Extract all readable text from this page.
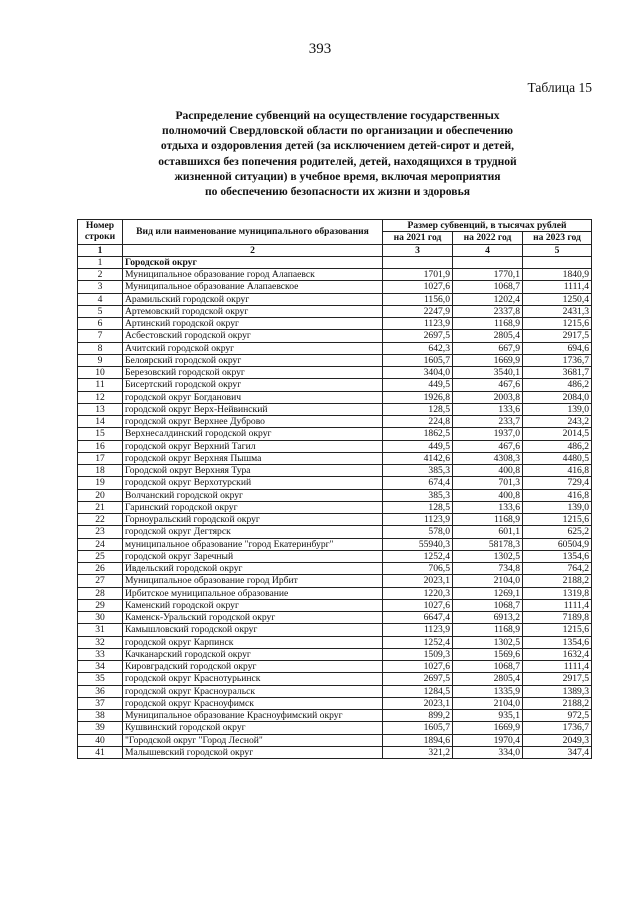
393
Таблица 15
Распределение субвенций на осуществление государственных
полномочий Свердловской области по организации и обеспечению
отдыха и оздоровления детей (за исключением детей-сирот и детей,
оставшихся без попечения родителей, детей, находящихся в трудной
жизненной ситуации) в учебное время, включая мероприятия
по обеспечению безопасности их жизни и здоровья
Номер строки	Вид или наименование муниципального образования	Размер субвенций, в тысячах рублей		
		на 2021 год	на 2022 год	на 2023 год
1	2	3	4	5
1	Городской округ			
2	Муниципальное образование город Алапаевск	1701,9	1770,1	1840,9
3	Муниципальное образование Алапаевское	1027,6	1068,7	1111,4
4	Арамильский городской округ	1156,0	1202,4	1250,4
5	Артемовский городской округ	2247,9	2337,8	2431,3
6	Артинский городской округ	1123,9	1168,9	1215,6
7	Асбестовский городской округ	2697,5	2805,4	2917,5
8	Ачитский городской округ	642,3	667,9	694,6
9	Белоярский городской округ	1605,7	1669,9	1736,7
10	Березовский городской округ	3404,0	3540,1	3681,7
11	Бисертский городской округ	449,5	467,6	486,2
12	городской округ Богданович	1926,8	2003,8	2084,0
13	городской округ Верх-Нейвинский	128,5	133,6	139,0
14	городской округ Верхнее Дуброво	224,8	233,7	243,2
15	Верхнесалдинский городской округ	1862,5	1937,0	2014,5
16	городской округ Верхний Тагил	449,5	467,6	486,2
17	городской округ Верхняя Пышма	4142,6	4308,3	4480,5
18	Городской округ Верхняя Тура	385,3	400,8	416,8
19	городской округ Верхотурский	674,4	701,3	729,4
20	Волчанский городской округ	385,3	400,8	416,8
21	Гаринский городской округ	128,5	133,6	139,0
22	Горноуральский городской округ	1123,9	1168,9	1215,6
23	городской округ Дегтярск	578,0	601,1	625,2
24	муниципальное образование "город Екатеринбург"	55940,3	58178,3	60504,9
25	городской округ Заречный	1252,4	1302,5	1354,6
26	Ивдельский городской округ	706,5	734,8	764,2
27	Муниципальное образование город Ирбит	2023,1	2104,0	2188,2
28	Ирбитское муниципальное образование	1220,3	1269,1	1319,8
29	Каменский городской округ	1027,6	1068,7	1111,4
30	Каменск-Уральский городской округ	6647,4	6913,2	7189,8
31	Камышловский городской округ	1123,9	1168,9	1215,6
32	городской округ Карпинск	1252,4	1302,5	1354,6
33	Качканарский городской округ	1509,3	1569,6	1632,4
34	Кировградский городской округ	1027,6	1068,7	1111,4
35	городской округ Краснотурьинск	2697,5	2805,4	2917,5
36	городской округ Красноуральск	1284,5	1335,9	1389,3
37	городской округ Красноуфимск	2023,1	2104,0	2188,2
38	Муниципальное образование Красноуфимский округ	899,2	935,1	972,5
39	Кушвинский городской округ	1605,7	1669,9	1736,7
40	"Городской округ "Город Лесной"	1894,6	1970,4	2049,3
41	Малышевский городской округ	321,2	334,0	347,4
